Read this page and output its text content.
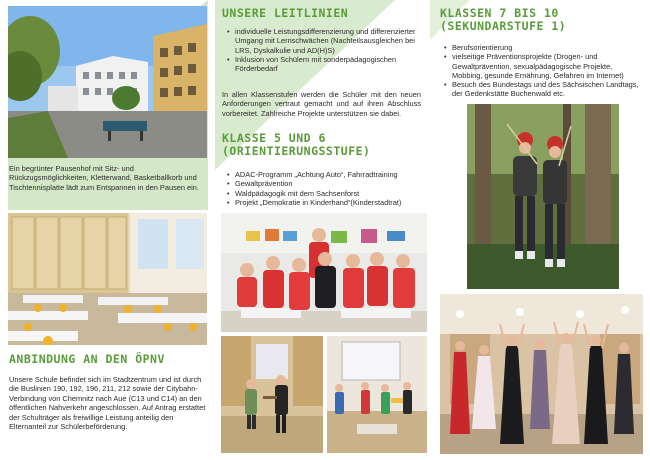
Ein begrünter Pausenhof mit Sitz- und Rückzugsmöglichkeiten, Kletterwand, Basketballkorb und Tischtennisplatte lädt zum Entspannen in den Pausen ein.
ANBINDUNG AN DEN ÖPNV
Unsere Schule befindet sich im Stadtzentrum und ist durch die Buslinien 190, 192, 196, 211, 212 sowie der Citybahn-Verbindung von Chemnitz nach Aue (C13 und C14) an den öffentlichen Nahverkehr angeschlossen. Auf Antrag erstattet der Schulträger als freiwillige Leistung anteilig den Elternanteil zur Schülerbeförderung.
UNSERE LEITLINIEN
• individuelle Leistungsdifferenzierung und differenzierter Umgang mit Lernschwächen (Nachteilsausgleichen bei LRS, Dyskalkulie und AD(H)S)
• Inklusion von Schülern mit sonderpädagogischen Förderbedarf
In allen Klassenstufen werden die Schüler mit den neuen Anforderungen vertraut gemacht und auf ihren Abschluss vorbereitet. Zahlreiche Projekte unterstützen sie dabei.
KLASSE 5 UND 6
(ORIENTIERUNGSSTUFE)
• ADAC-Programm „Achtung Auto“, Fahrradtraining
• Gewaltprävention
• Waldpädagogik mit dem Sachsenforst
• Projekt „Demokratie in Kinderhand“(Kinderstadtrat)
KLASSEN 7 BIS 10
(SEKUNDARSTUFE 1)
• Berufsorientierung
• vielseitige Präventionsprojekte (Drogen- und Gewaltprävention, sexualpädagogische Projekte, Mobbing, gesunde Ernährung, Gefahren im Internet)
• Besuch des Bundestags und des Sächsischen Landtags, der Gedenkstätte Buchenwald etc.
